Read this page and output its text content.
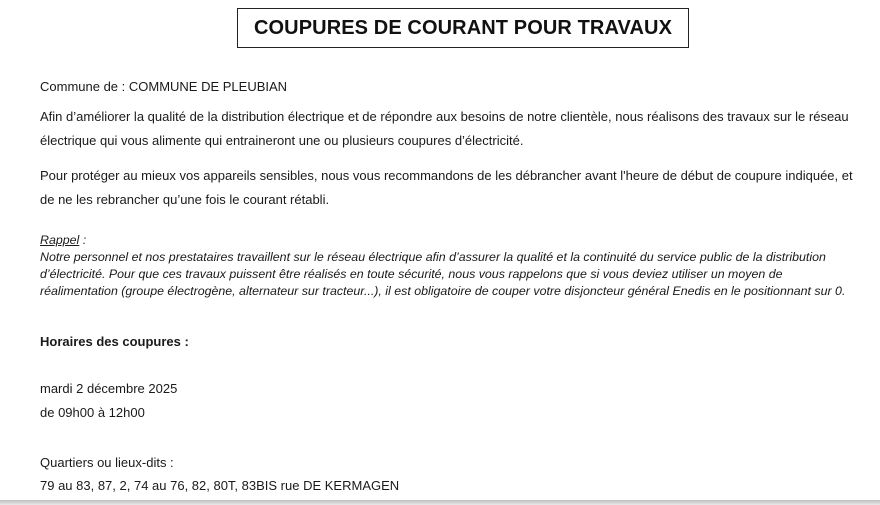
COUPURES DE COURANT POUR TRAVAUX
Commune de : COMMUNE DE PLEUBIAN
Afin d’améliorer la qualité de la distribution électrique et de répondre aux besoins de notre clientèle, nous réalisons des travaux sur le réseau électrique qui vous alimente qui entraineront une ou plusieurs coupures d’électricité.
Pour protéger au mieux vos appareils sensibles, nous vous recommandons de les débrancher avant l'heure de début de coupure indiquée, et de ne les rebrancher qu’une fois le courant rétabli.
Rappel :
Notre personnel et nos prestataires travaillent sur le réseau électrique afin d’assurer la qualité et la continuité du service public de la distribution d’électricité. Pour que ces travaux puissent être réalisés en toute sécurité, nous vous rappelons que si vous deviez utiliser un moyen de réalimentation (groupe électrogène, alternateur sur tracteur...), il est obligatoire de couper votre disjoncteur général Enedis en le positionnant sur 0.
Horaires des coupures :
mardi 2 décembre 2025
de 09h00 à 12h00
Quartiers ou lieux-dits :
79 au 83, 87, 2, 74 au 76, 82, 80T, 83BIS rue DE KERMAGEN
